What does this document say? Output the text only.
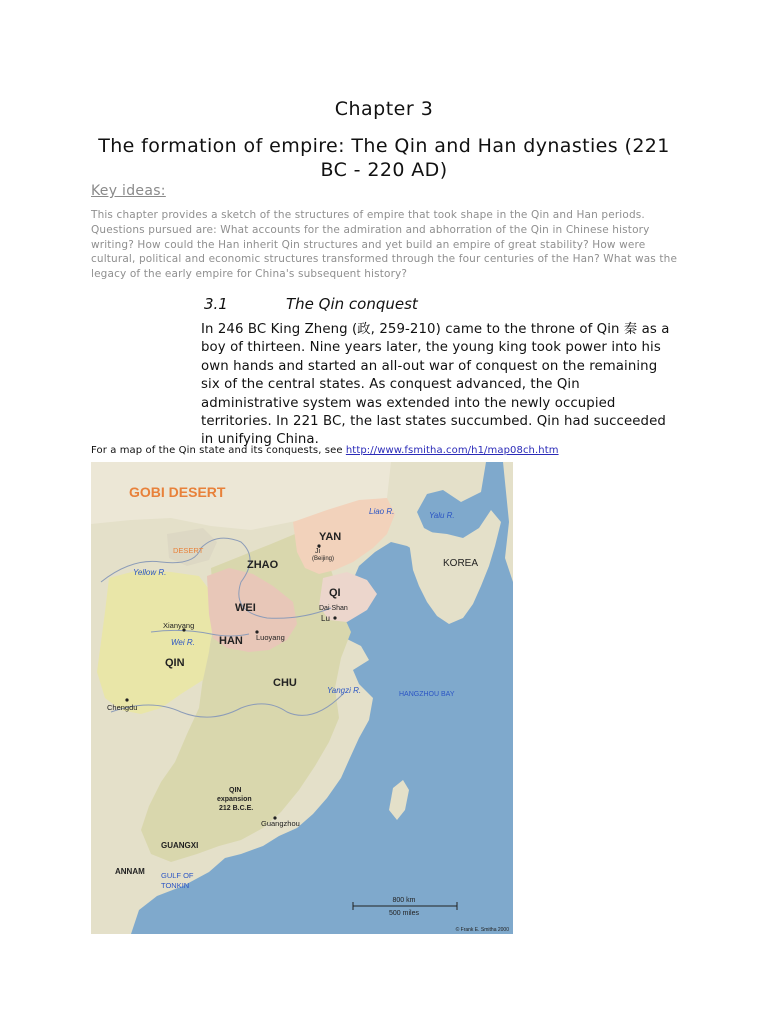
Chapter 3
The formation of empire: The Qin and Han dynasties (221 BC - 220 AD)
Key ideas:

This chapter provides a sketch of the structures of empire that took shape in the Qin and Han periods. Questions pursued are: What accounts for the admiration and abhorration of the Qin in Chinese history writing? How could the Han inherit Qin structures and yet build an empire of great stability? How were cultural, political and economic structures transformed through the four centuries of the Han? What was the legacy of the early empire for China's subsequent history?

3.1	The Qin conquest

In 246 BC King Zheng (政, 259-210) came to the throne of Qin 秦 as a boy of thirteen. Nine years later, the young king took power into his own hands and started an all-out war of conquest on the remaining six of the central states. As conquest advanced, the Qin administrative system was extended into the newly occupied territories. In 221 BC, the last states succumbed. Qin had succeeded in unifying China.

For a map of the Qin state and its conquests, see http://www.fsmitha.com/h1/map08ch.htm
GOBI DESERT
DESERT
Yellow R.
Liao R.	Yalu R.
Wei R.
Yangzi R.	HANGZHOU BAY
YAN
Ji
(Beijing)
ZHAO	KOREA
QI
Dai Shan
Lu
WEI
Xianyang
HAN Luoyang
QIN
CHU
Chengdu
QIN
expansion
212 B.C.E.
Guangzhou
GUANGXI
ANNAM GULF OF
TONKIN
800 km
500 miles
© Frank E. Smitha 2000
